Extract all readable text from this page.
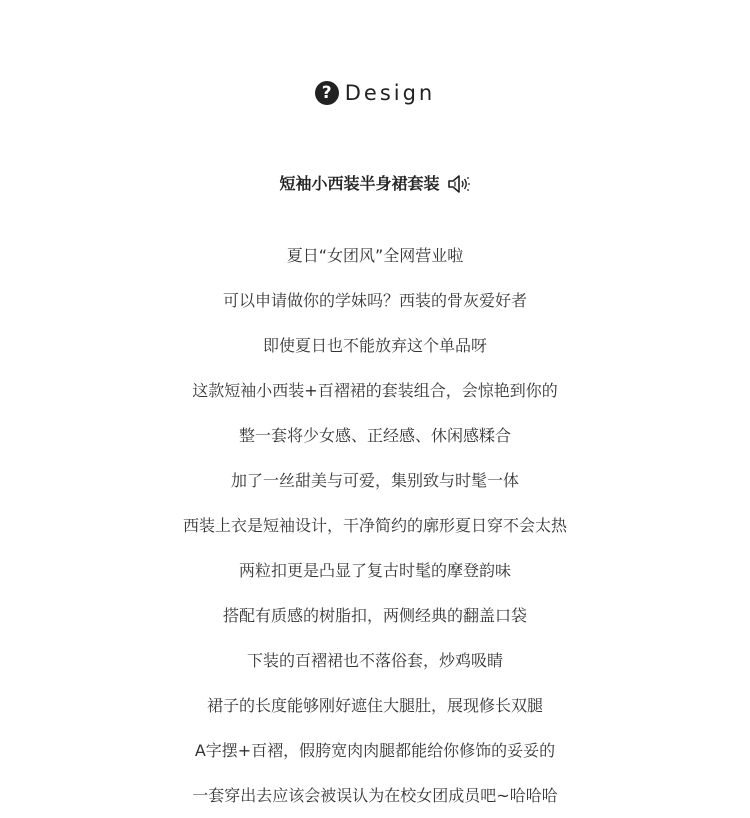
? Design
短袖小西装半身裙套装
夏日“女团风”全网营业啦
可以申请做你的学妹吗？西装的骨灰爱好者
即使夏日也不能放弃这个单品呀
这款短袖小西装+百褶裙的套装组合，会惊艳到你的
整一套将少女感、正经感、休闲感糅合
加了一丝甜美与可爱，集别致与时髦一体
西装上衣是短袖设计，干净简约的廓形夏日穿不会太热
两粒扣更是凸显了复古时髦的摩登韵味
搭配有质感的树脂扣，两侧经典的翻盖口袋
下装的百褶裙也不落俗套，炒鸡吸睛
裙子的长度能够刚好遮住大腿肚，展现修长双腿
A字摆+百褶，假胯宽肉肉腿都能给你修饰的妥妥的
一套穿出去应该会被误认为在校女团成员吧~哈哈哈
